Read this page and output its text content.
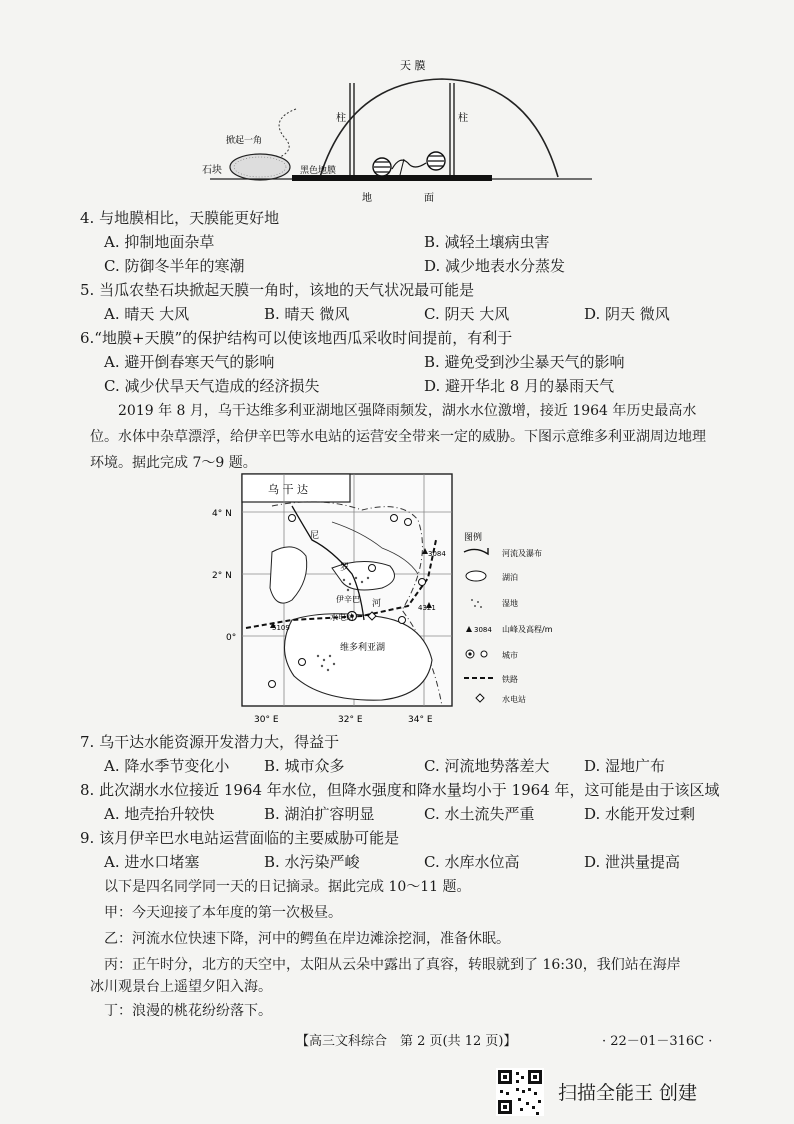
天 膜
柱	柱
掀起一角
石块	黑色地膜
地	面
4. 与地膜相比，天膜能更好地
A. 抑制地面杂草	B. 减轻土壤病虫害
C. 防御冬半年的寒潮	D. 减少地表水分蒸发
5. 当瓜农垫石块掀起天膜一角时，该地的天气状况最可能是
A. 晴天 大风	B. 晴天 微风	C. 阴天 大风	D. 阴天 微风
6.“地膜+天膜”的保护结构可以使该地西瓜采收时间提前，有利于
A. 避开倒春寒天气的影响	B. 避免受到沙尘暴天气的影响
C. 减少伏旱天气造成的经济损失	D. 避开华北 8 月的暴雨天气
2019 年 8 月，乌干达维多利亚湖地区强降雨频发，湖水水位激增，接近 1964 年历史最高水位。水体中杂草漂浮，给伊辛巴等水电站的运营安全带来一定的威胁。下图示意维多利亚湖周边地理环境。据此完成 7～9 题。
乌 干 达
4° N
2° N
0°
30° E	32° E	34° E
尼
罗
河
伊辛巴
水电站
维多利亚湖
3084
4321
5109
图例
河流及瀑布
湖泊
湿地
3084 山峰及高程/m
城市
铁路
水电站
7. 乌干达水能资源开发潜力大，得益于
A. 降水季节变化小 B. 城市众多	C. 河流地势落差大 D. 湿地广布
8. 此次湖水水位接近 1964 年水位，但降水强度和降水量均小于 1964 年，这可能是由于该区域
A. 地壳抬升较快	B. 湖泊扩容明显	C. 水土流失严重	D. 水能开发过剩
9. 该月伊辛巴水电站运营面临的主要威胁可能是
A. 进水口堵塞	B. 水污染严峻	C. 水库水位高	D. 泄洪量提高
以下是四名同学同一天的日记摘录。据此完成 10～11 题。
甲：今天迎接了本年度的第一次极昼。
乙：河流水位快速下降，河中的鳄鱼在岸边滩涂挖洞，准备休眠。
丙：正午时分，北方的天空中，太阳从云朵中露出了真容，转眼就到了 16:30，我们站在海岸
冰川观景台上遥望夕阳入海。
丁：浪漫的桃花纷纷落下。
【高三文科综合　第 2 页(共 12 页)】	· 22－01－316C ·
扫描全能王 创建
